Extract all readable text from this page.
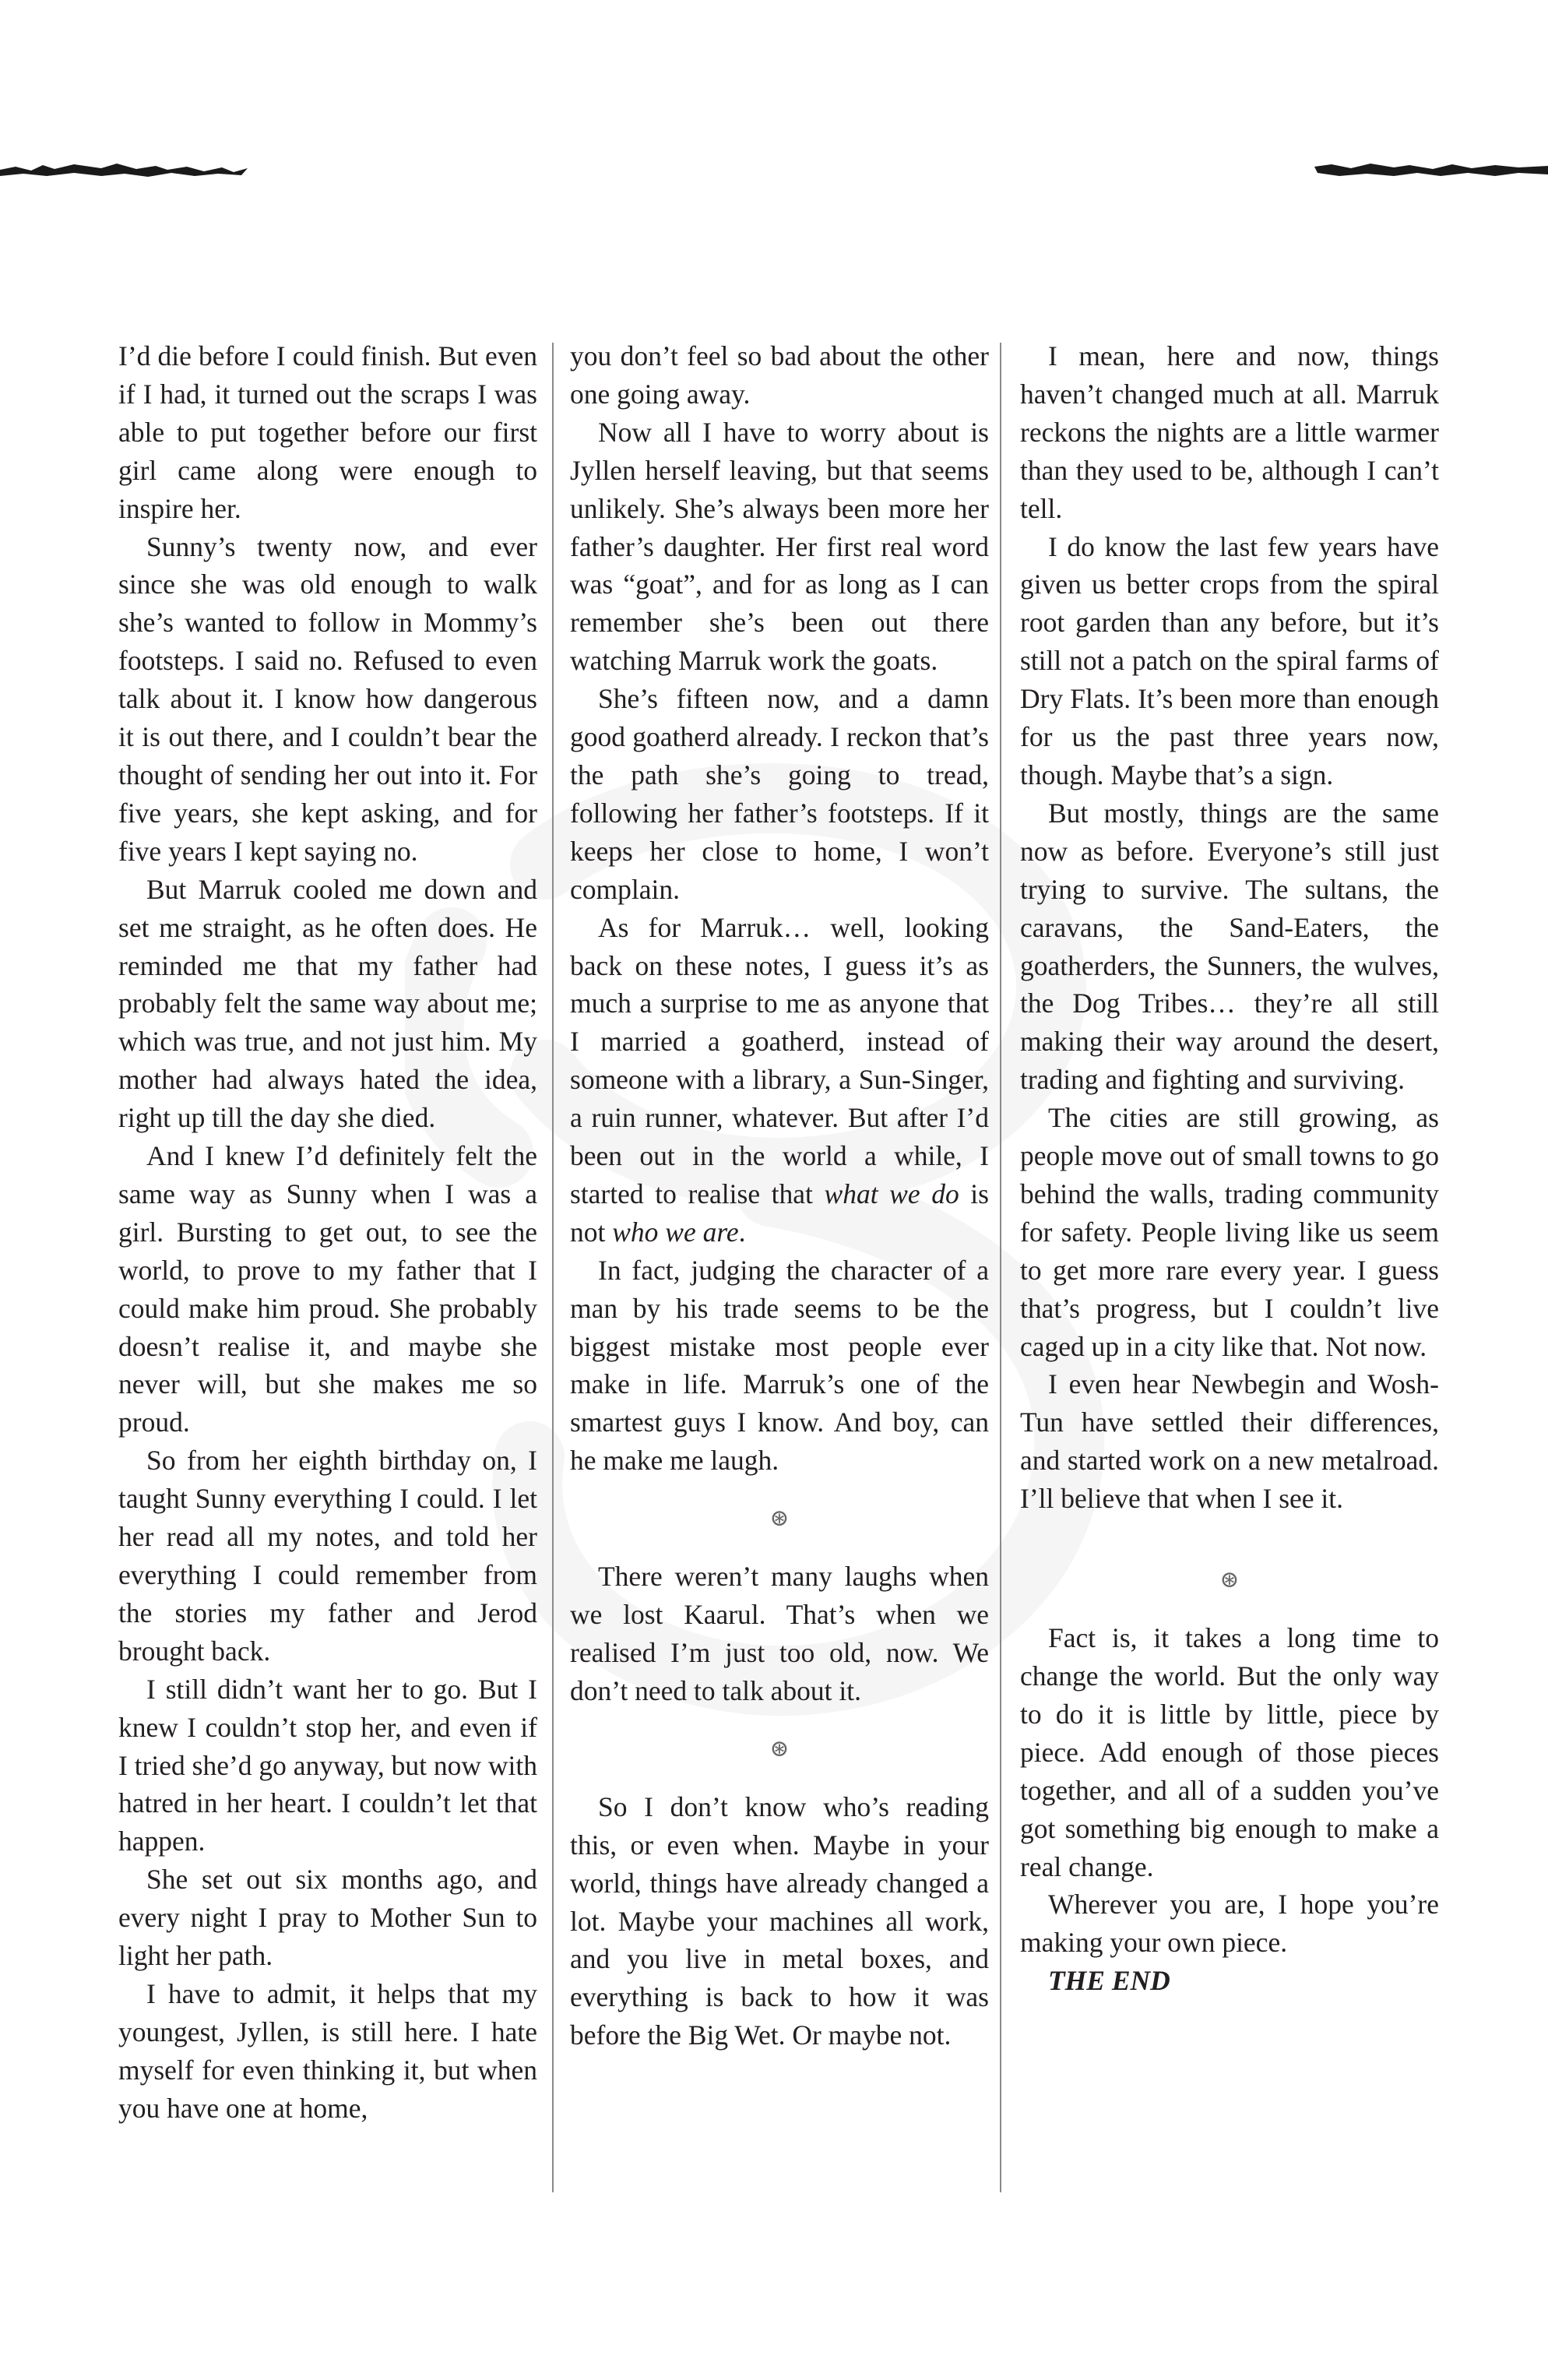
I’d die before I could finish. But even if I had, it turned out the scraps I was able to put together before our first girl came along were enough to inspire her.

Sunny’s twenty now, and ever since she was old enough to walk she’s wanted to follow in Mommy’s footsteps. I said no. Refused to even talk about it. I know how dangerous it is out there, and I couldn’t bear the thought of sending her out into it. For five years, she kept asking, and for five years I kept saying no.

But Marruk cooled me down and set me straight, as he often does. He reminded me that my father had probably felt the same way about me; which was true, and not just him. My mother had always hated the idea, right up till the day she died.

And I knew I’d definitely felt the same way as Sunny when I was a girl. Bursting to get out, to see the world, to prove to my father that I could make him proud. She probably doesn’t realise it, and maybe she never will, but she makes me so proud.

So from her eighth birthday on, I taught Sunny everything I could. I let her read all my notes, and told her everything I could remember from the stories my father and Jerod brought back.

I still didn’t want her to go. But I knew I couldn’t stop her, and even if I tried she’d go anyway, but now with hatred in her heart. I couldn’t let that happen.

She set out six months ago, and every night I pray to Mother Sun to light her path.

I have to admit, it helps that my youngest, Jyllen, is still here. I hate myself for even thinking it, but when you have one at home,

you don’t feel so bad about the other one going away.

Now all I have to worry about is Jyllen herself leaving, but that seems unlikely. She’s always been more her father’s daughter. Her first real word was “goat”, and for as long as I can remember she’s been out there watching Marruk work the goats.

She’s fifteen now, and a damn good goatherd already. I reckon that’s the path she’s going to tread, following her father’s footsteps. If it keeps her close to home, I won’t complain.

As for Marruk… well, looking back on these notes, I guess it’s as much a surprise to me as anyone that I married a goatherd, instead of someone with a library, a Sun-Singer, a ruin runner, whatever. But after I’d been out in the world a while, I started to realise that what we do is not who we are.

In fact, judging the character of a man by his trade seems to be the biggest mistake most people ever make in life. Marruk’s one of the smartest guys I know. And boy, can he make me laugh.

⊛

There weren’t many laughs when we lost Kaarul. That’s when we realised I’m just too old, now. We don’t need to talk about it.

⊛

So I don’t know who’s reading this, or even when. Maybe in your world, things have already changed a lot. Maybe your machines all work, and you live in metal boxes, and everything is back to how it was before the Big Wet. Or maybe not.

I mean, here and now, things haven’t changed much at all. Marruk reckons the nights are a little warmer than they used to be, although I can’t tell.

I do know the last few years have given us better crops from the spiral root garden than any before, but it’s still not a patch on the spiral farms of Dry Flats. It’s been more than enough for us the past three years now, though. Maybe that’s a sign.

But mostly, things are the same now as before. Everyone’s still just trying to survive. The sultans, the caravans, the Sand-Eaters, the goatherders, the Sunners, the wulves, the Dog Tribes… they’re all still making their way around the desert, trading and fighting and surviving.

The cities are still growing, as people move out of small towns to go behind the walls, trading community for safety. People living like us seem to get more rare every year. I guess that’s progress, but I couldn’t live caged up in a city like that. Not now.

I even hear Newbegin and Wosh-Tun have settled their differences, and started work on a new metalroad. I’ll believe that when I see it.

⊛

Fact is, it takes a long time to change the world. But the only way to do it is little by little, piece by piece. Add enough of those pieces together, and all of a sudden you’ve got something big enough to make a real change.

Wherever you are, I hope you’re making your own piece.

THE END
